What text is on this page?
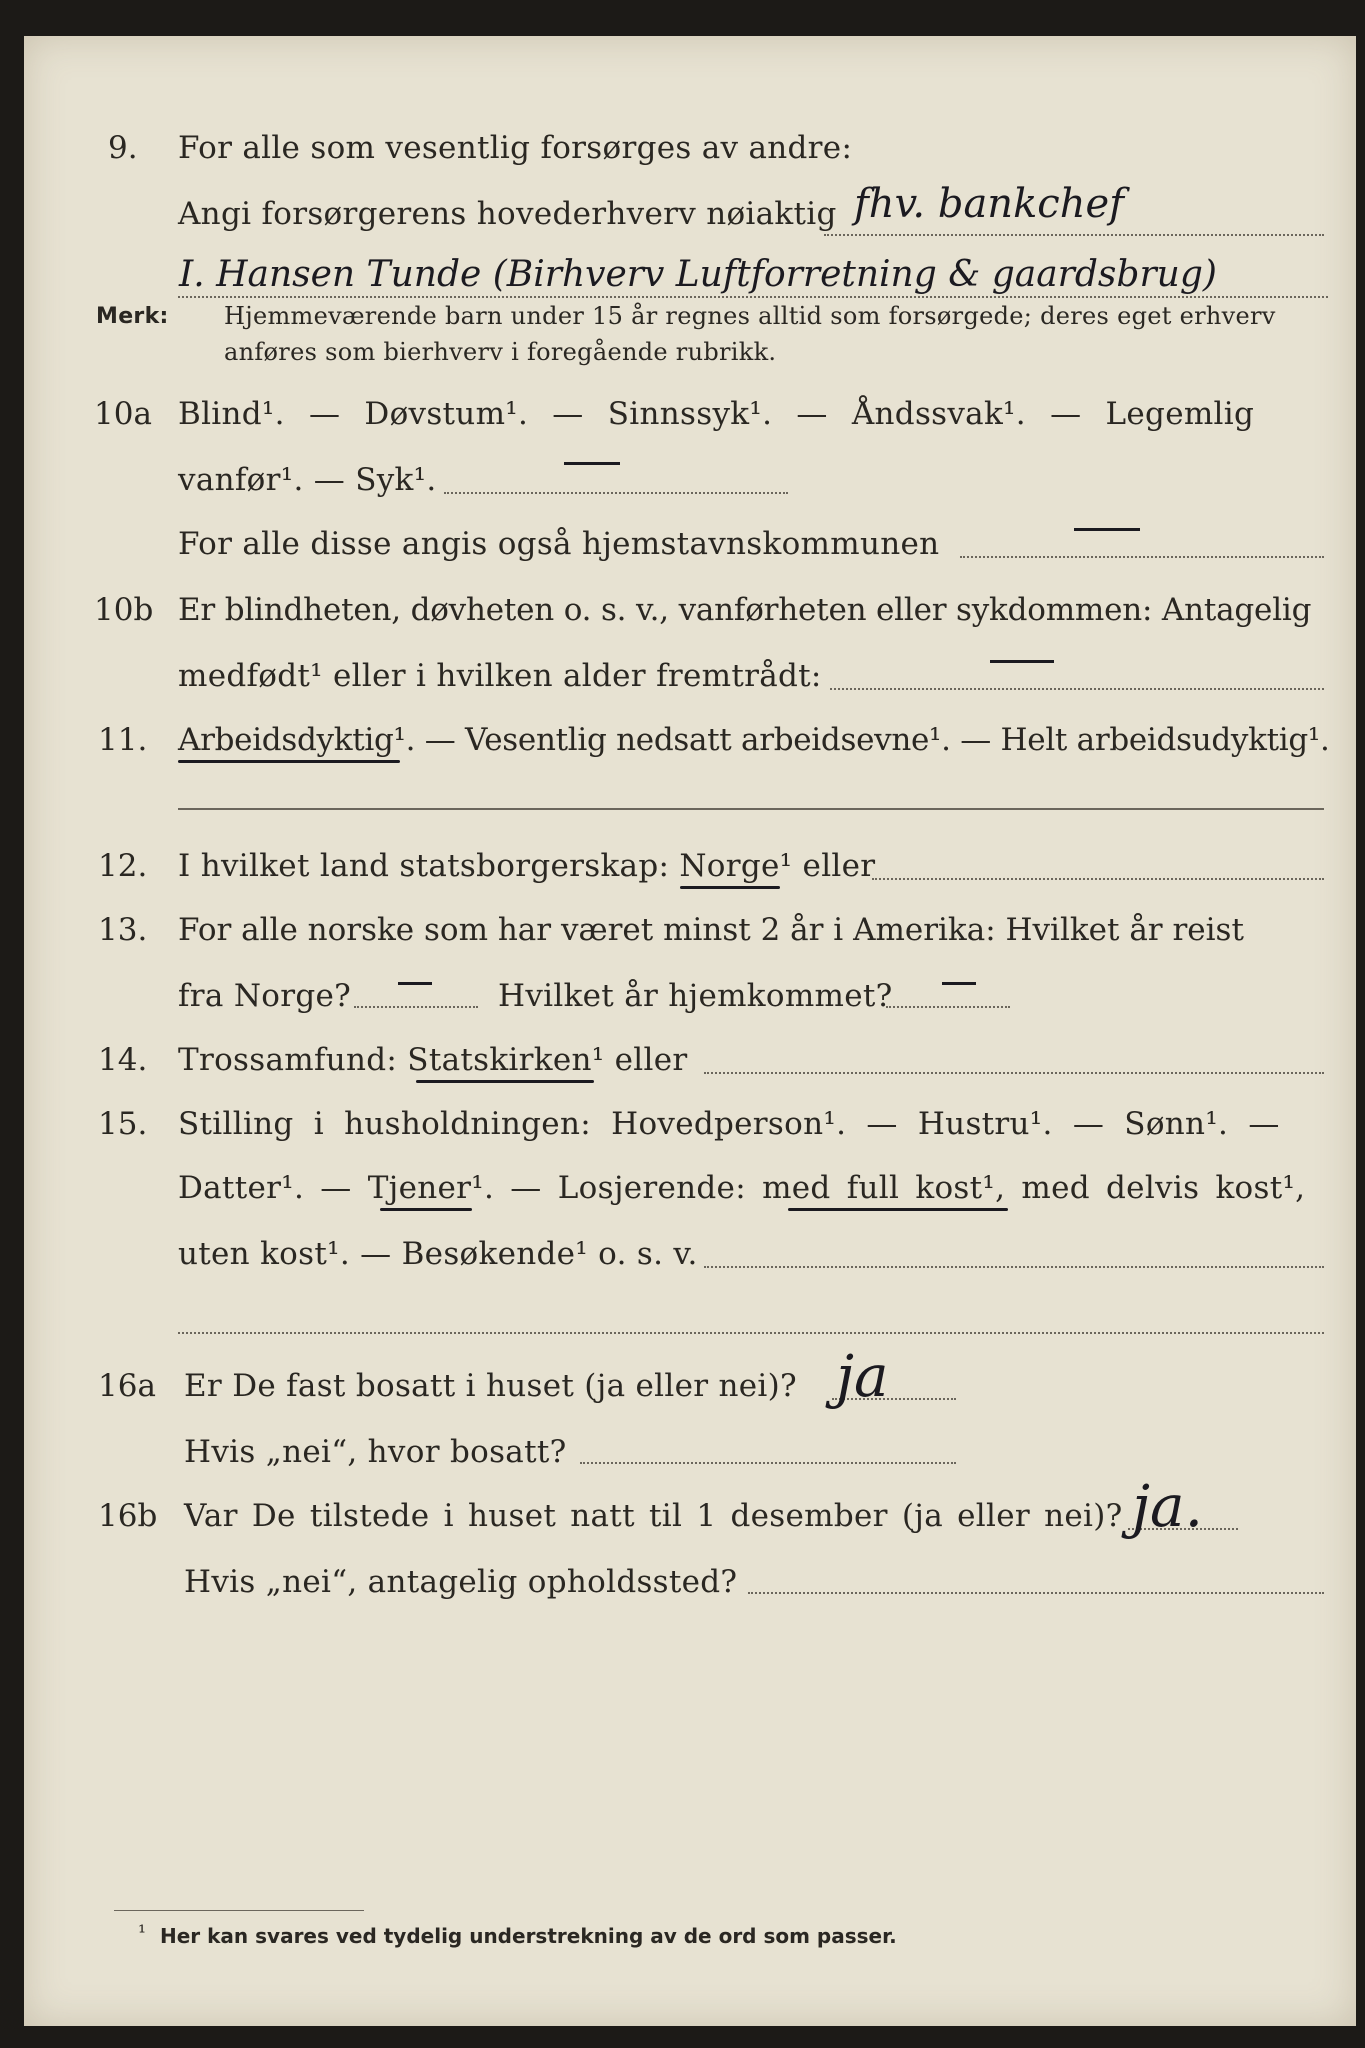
9. For alle som vesentlig forsørges av andre:
Angi forsørgerens hovederhverv nøiaktig fhv. bankchef
I. Hansen Tunde (Birhverv Luftforretning & gaardsbrug)
Merk: Hjemmeværende barn under 15 år regnes alltid som forsørgede; deres eget erhverv
anføres som bierhverv i foregående rubrikk.
10a Blind¹. — Døvstum¹. — Sinnssyk¹. — Åndssvak¹. — Legemlig
vanfør¹. — Syk¹.
For alle disse angis også hjemstavnskommunen
10b Er blindheten, døvheten o. s. v., vanførheten eller sykdommen: Antagelig
medfødt¹ eller i hvilken alder fremtrådt:
11. Arbeidsdyktig¹. — Vesentlig nedsatt arbeidsevne¹. — Helt arbeidsudyktig¹.
12. I hvilket land statsborgerskap: Norge¹ eller
13. For alle norske som har været minst 2 år i Amerika: Hvilket år reist
fra Norge?	Hvilket år hjemkommet?
14. Trossamfund: Statskirken¹ eller
15. Stilling i husholdningen: Hovedperson¹. — Hustru¹. — Sønn¹. —
Datter¹. — Tjener¹. — Losjerende: med full kost¹, med delvis kost¹,
uten kost¹. — Besøkende¹ o. s. v.
16a Er De fast bosatt i huset (ja eller nei)? ja
Hvis „nei“, hvor bosatt?
16b Var De tilstede i huset natt til 1 desember (ja eller nei)? ja.
Hvis „nei“, antagelig opholdssted?
¹ Her kan svares ved tydelig understrekning av de ord som passer.
